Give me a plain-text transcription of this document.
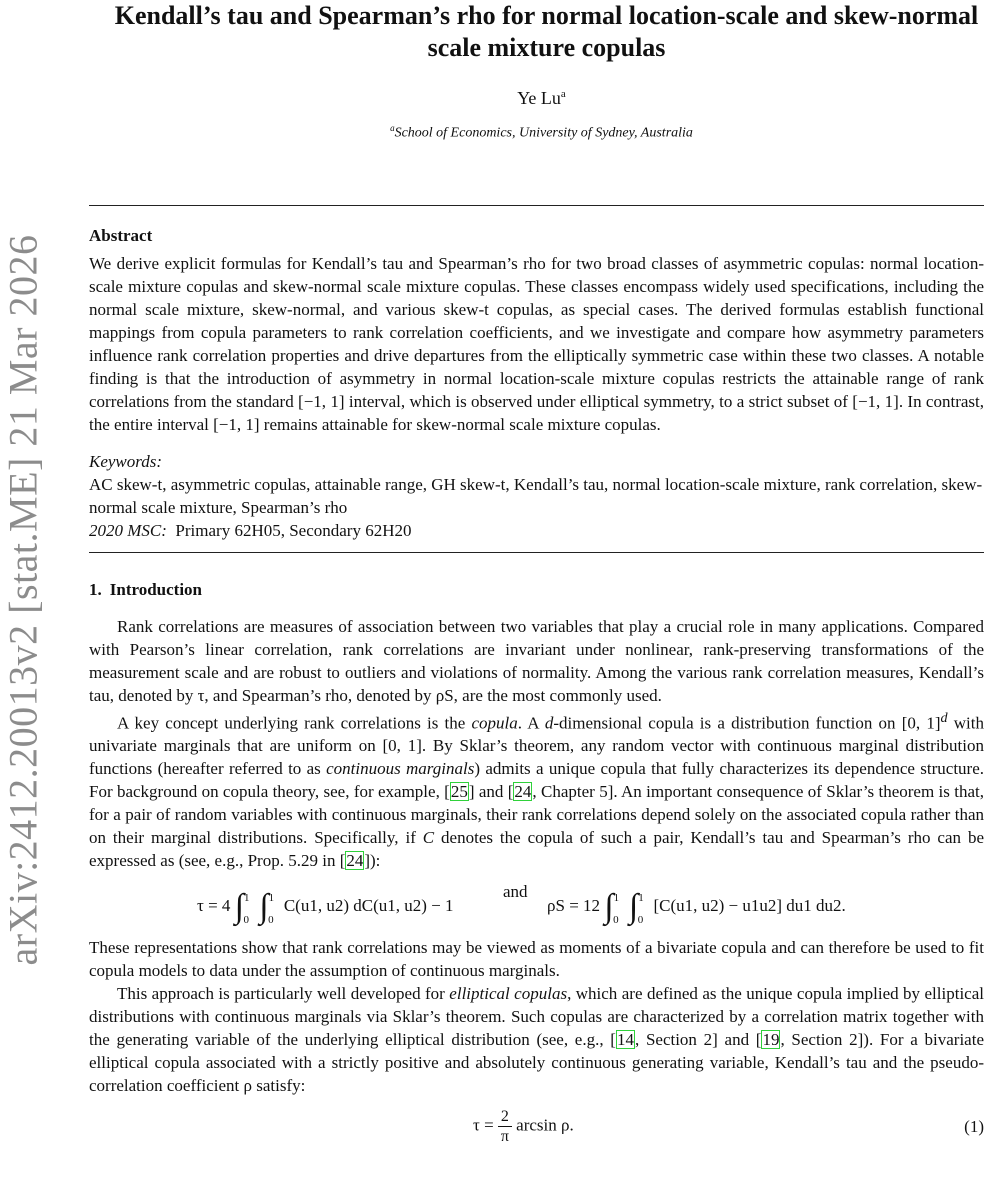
arXiv:2412.20013v2 [stat.ME] 21 Mar 2026
Kendall’s tau and Spearman’s rho for normal location-scale and skew-normal
scale mixture copulas
Ye Lu$^a$
$^a$School of Economics, University of Sydney, Australia
Abstract

We derive explicit formulas for Kendall’s tau and Spearman’s rho for two broad classes of asymmetric copulas: normal location-scale mixture copulas and skew-normal scale mixture copulas. These classes encompass widely used specifications, including the normal scale mixture, skew-normal, and various skew-t copulas, as special cases. The derived formulas establish functional mappings from copula parameters to rank correlation coefficients, and we investigate and compare how asymmetry parameters influence rank correlation properties and drive departures from the elliptically symmetric case within these two classes. A notable finding is that the introduction of asymmetry in normal location-scale mixture copulas restricts the attainable range of rank correlations from the standard [−1, 1] interval, which is observed under elliptical symmetry, to a strict subset of [−1, 1]. In contrast, the entire interval [−1, 1] remains attainable for skew-normal scale mixture copulas.

Keywords:
AC skew-t, asymmetric copulas, attainable range, GH skew-t, Kendall’s tau, normal location-scale mixture, rank correlation, skew-normal scale mixture, Spearman’s rho
2020 MSC: Primary 62H05, Secondary 62H20
1. Introduction

Rank correlations are measures of association between two variables that play a crucial role in many applications. Compared with Pearson’s linear correlation, rank correlations are invariant under nonlinear, rank-preserving transformations of the measurement scale and are robust to outliers and violations of normality. Among the various rank correlation measures, Kendall’s tau, denoted by τ, and Spearman’s rho, denoted by ρS, are the most commonly used.

A key concept underlying rank correlations is the copula. A d-dimensional copula is a distribution function on [0, 1]$^d$ with univariate marginals that are uniform on [0, 1]. By Sklar’s theorem, any random vector with continuous marginal distribution functions (hereafter referred to as continuous marginals) admits a unique copula that fully characterizes its dependence structure. For background on copula theory, see, for example, [25] and [24, Chapter 5]. An important consequence of Sklar’s theorem is that, for a pair of random variables with continuous marginals, their rank correlations depend solely on the associated copula rather than on their marginal distributions. Specifically, if C denotes the copula of such a pair, Kendall’s tau and Spearman’s rho can be expressed as (see, e.g., Prop. 5.29 in [24]):

τ = 4 ∫$^1_0$ ∫$^1_0$ C(u1, u2) dC(u1, u2) − 1
and
ρS = 12 ∫$^1_0$ ∫$^1_0$ [C(u1, u2) − u1u2] du1 du2.

These representations show that rank correlations may be viewed as moments of a bivariate copula and can therefore be used to fit copula models to data under the assumption of continuous marginals.

This approach is particularly well developed for elliptical copulas, which are defined as the unique copula implied by elliptical distributions with continuous marginals via Sklar’s theorem. Such copulas are characterized by a correlation matrix together with the generating variable of the underlying elliptical distribution (see, e.g., [14, Section 2] and [19, Section 2]). For a bivariate elliptical copula associated with a strictly positive and absolutely continuous generating variable, Kendall’s tau and the pseudo-correlation coefficient ρ satisfy:

$\tau = \frac{2}{\pi}$ arcsin ρ.	(1)
